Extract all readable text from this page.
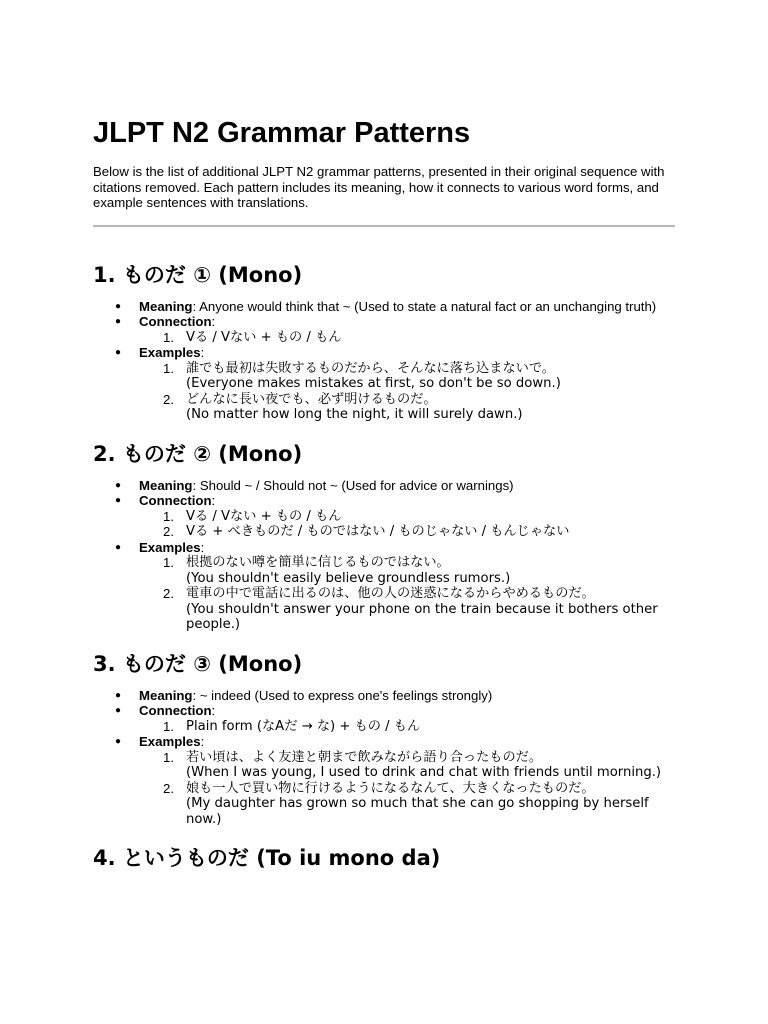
JLPT N2 Grammar Patterns

Below is the list of additional JLPT N2 grammar patterns, presented in their original sequence with citations removed. Each pattern includes its meaning, how it connects to various word forms, and example sentences with translations.

1. ものだ ① (Mono)
● Meaning: Anyone would think that ~ (Used to state a natural fact or an unchanging truth)
● Connection:
1. Vる / Vない + もの / もん
● Examples:
1. 誰でも最初は失敗するものだから、そんなに落ち込まないで。
(Everyone makes mistakes at first, so don't be so down.)
2. どんなに長い夜でも、必ず明けるものだ。
(No matter how long the night, it will surely dawn.)
2. ものだ ② (Mono)
● Meaning: Should ~ / Should not ~ (Used for advice or warnings)
● Connection:
1. Vる / Vない + もの / もん
2. Vる + べきものだ / ものではない / ものじゃない / もんじゃない
● Examples:
1. 根拠のない噂を簡単に信じるものではない。
(You shouldn't easily believe groundless rumors.)
2. 電車の中で電話に出るのは、他の人の迷惑になるからやめるものだ。
(You shouldn't answer your phone on the train because it bothers other people.)
3. ものだ ③ (Mono)
● Meaning: ~ indeed (Used to express one's feelings strongly)
● Connection:
1. Plain form (なAだ → な) + もの / もん
● Examples:
1. 若い頃は、よく友達と朝まで飲みながら語り合ったものだ。
(When I was young, I used to drink and chat with friends until morning.)
2. 娘も一人で買い物に行けるようになるなんて、大きくなったものだ。
(My daughter has grown so much that she can go shopping by herself now.)
4. というものだ (To iu mono da)
